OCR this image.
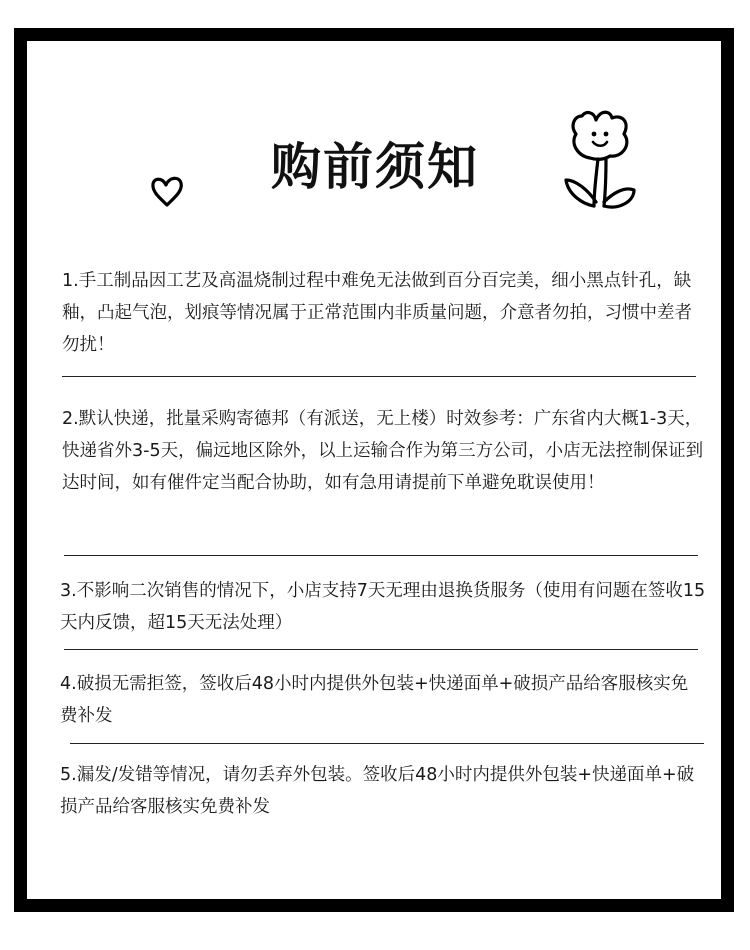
购前须知

1.手工制品因工艺及高温烧制过程中难免无法做到百分百完美，细小黑点针孔，缺釉，凸起气泡，划痕等情况属于正常范围内非质量问题，介意者勿拍，习惯中差者勿扰！

2.默认快递，批量采购寄德邦（有派送，无上楼）时效参考：广东省内大概1-3天，快递省外3-5天，偏远地区除外，以上运输合作为第三方公司，小店无法控制保证到达时间，如有催件定当配合协助，如有急用请提前下单避免耽误使用！

3.不影响二次销售的情况下，小店支持7天无理由退换货服务（使用有问题在签收15天内反馈，超15天无法处理）

4.破损无需拒签，签收后48小时内提供外包装+快递面单+破损产品给客服核实免费补发

5.漏发/发错等情况，请勿丢弃外包装。签收后48小时内提供外包装+快递面单+破损产品给客服核实免费补发
